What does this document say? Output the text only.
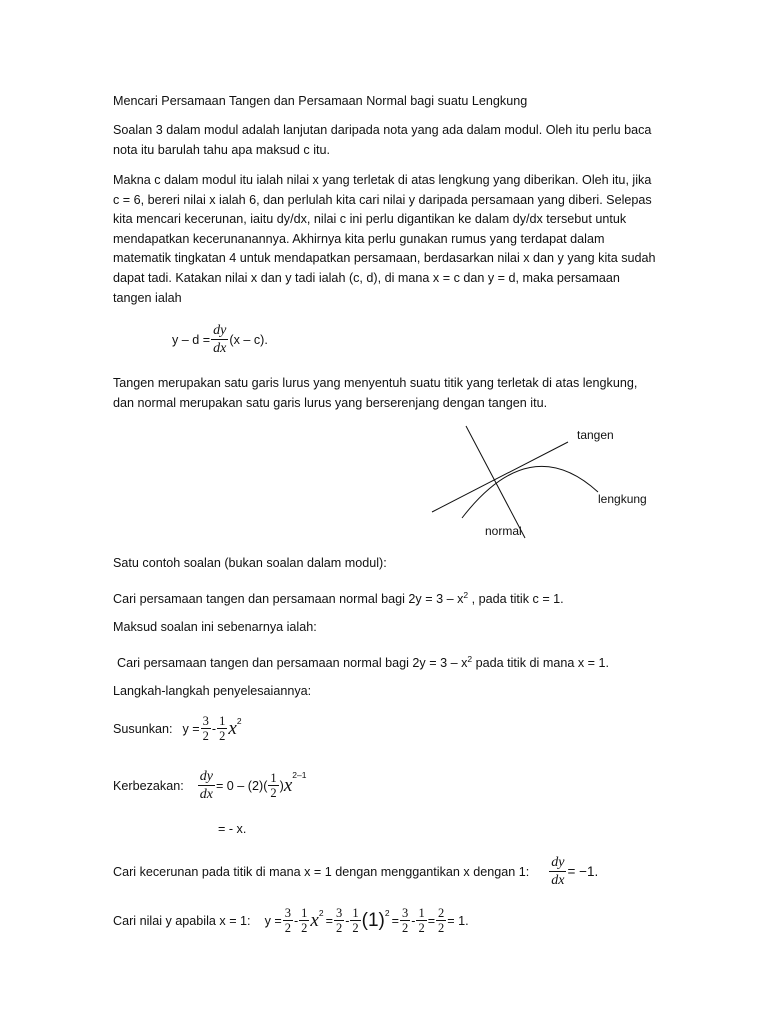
Mencari Persamaan Tangen dan Persamaan Normal bagi suatu Lengkung

Soalan 3 dalam modul adalah lanjutan daripada nota yang ada dalam modul. Oleh itu perlu baca nota itu barulah tahu apa maksud c itu.

Makna c dalam modul itu ialah nilai x yang terletak di atas lengkung yang diberikan. Oleh itu, jika c = 6, bereri nilai x ialah 6, dan perlulah kita cari nilai y daripada persamaan yang diberi. Selepas kita mencari kecerunan, iaitu dy/dx, nilai c ini perlu digantikan ke dalam dy/dx tersebut untuk mendapatkan kecerunanannya. Akhirnya kita perlu gunakan rumus yang terdapat dalam matematik tingkatan 4 untuk mendapatkan persamaan, berdasarkan nilai x dan y yang kita sudah dapat tadi. Katakan nilai x dan y tadi ialah (c, d), di mana x = c dan y = d, maka persamaan tangen ialah

$y - d = \frac{dy}{dx} (x - c)$.

Tangen merupakan satu garis lurus yang menyentuh suatu titik yang terletak di atas lengkung, dan normal merupakan satu garis lurus yang berserenjang dengan tangen itu.

tangen
lengkung
normal

Satu contoh soalan (bukan soalan dalam modul):

Cari persamaan tangen dan persamaan normal bagi $2y = 3 - x^2$ , pada titik c = 1.

Maksud soalan ini sebenarnya ialah:

Cari persamaan tangen dan persamaan normal bagi $2y = 3 - x^2$ pada titik di mana x = 1.

Langkah-langkah penyelesaiannya:

Susunkan: $y = \frac{3}{2} - \frac{1}{2} x^2$
Kerbezakan: $\frac{dy}{dx} = 0 - (2)( \frac{1}{2}$ ) $x^{2-1}$
= - x.
Cari kecerunan pada titik di mana x = 1 dengan menggantikan x dengan 1: $\frac{dy}{dx} = -1$.
Cari nilai y apabila x = 1: $y = \frac{3}{2} - \frac{1}{2} x^2$
= $\frac{3}{2} - \frac{1}{2} (1)^2$
= $\frac{3}{2} - \frac{1}{2} = \frac{2}{2} = 1$.
